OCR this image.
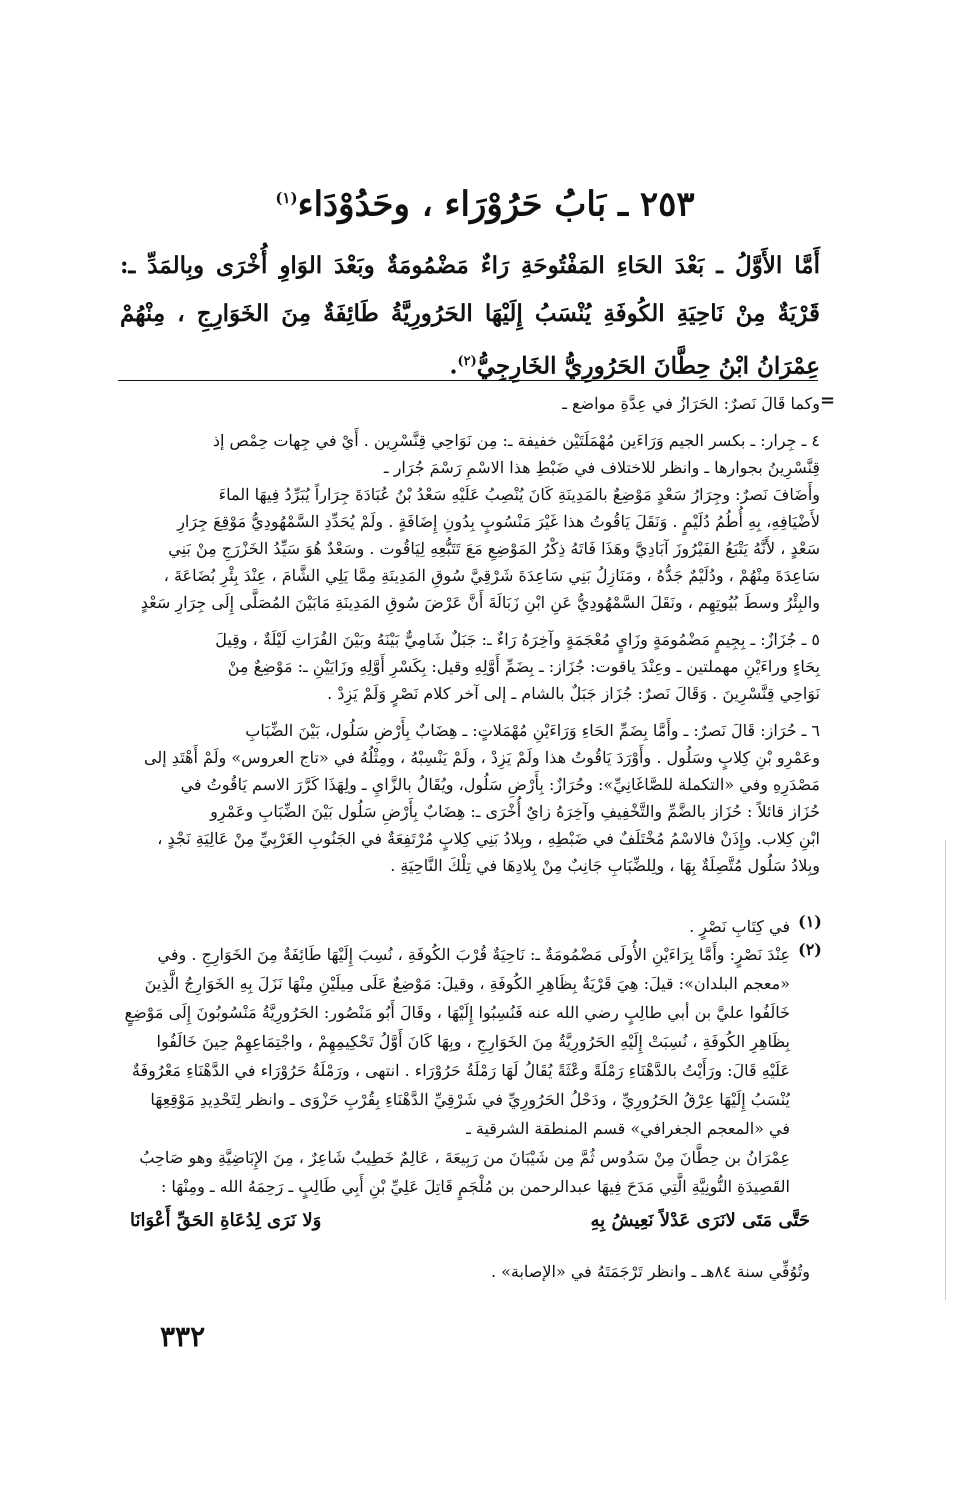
٢٥٣ ـ بَابُ حَرُوْرَاء ، وحَدُوْدَاء$^{(١)}$
أَمَّا الأَوَّلُ ـ بَعْدَ الحَاءِ المَفْتُوحَةِ رَاءٌ مَضْمُومَةٌ وبَعْدَ الوَاوِ أُخْرَى وبِالمَدِّ ـ: قَرْيَةٌ مِنْ نَاحِيَةِ الكُوفَةِ يُنْسَبُ إِلَيْهَا الحَرُورِيَّةُ طَائِفَةٌ مِنَ الخَوَارِجِ ، مِنْهُمْ عِمْرَانُ ابْنُ حِطَّانَ الحَرُورِيُّ الخَارِجِيُّ$^{(٢)}$.
=
وكما قَالَ نَصرٌ: الحَرَازُ في عِدَّةِ مواضع ـ
٤ ـ جِرار: ـ بكسر الجيم وَرَاءَين مُهْمَلَتَيْن خفيفة ـ: مِن نَوَاحِي قِنَّسْرِين . أَيْ في جِهات حِمْص إذ
قِنَّسْرِينُ بجوارها ـ وانظر للاختلاف في ضَبْطِ هذا الاسْمِ رَسْمَ جُرَار ـ
وأَضَافَ نَصرٌ: وجِرَارُ سَعْدٍ مَوْضِعٌ بالمَدِينَةِ كَانَ يُنْصِبُ عَلَيْهِ سَعْدُ بْنُ عُبَادَةَ جِرَاراً يُبَرِّدُ فِيهَا الماءَ
لأَضْيَافِهِ، بِهِ أُطُمُ دُلَيْمٍ . وَنَقَلَ يَاقُوتُ هذا غَيْرَ مَنْسُوبٍ بِدُونِ إِضَافَةٍ . ولَمْ يُحَدِّدِ السَّمْهُودِيُّ مَوْقِعَ جِرَارِ
سَعْدٍ ، لأَنَّهُ يَتْبَعُ الفَيْرُوزَ آبَادِيَّ وهَذَا فَاتَهُ ذِكْرُ المَوْضِعِ مَعَ تَتَبُّعِهِ لِيَاقُوت . وسَعْدٌ هُوَ سَيِّدُ الخَزْرَجِ مِنْ بَنِي
سَاعِدَةَ مِنْهُمْ ، ودُلَيْمٌ جَدُّهُ ، ومَنَازِلُ بَنِي سَاعِدَةَ شَرْقِيَّ سُوقِ المَدِينَةِ مِمَّا يَلِي الشَّامَ ، عِنْدَ بِئْرِ بُضَاعَةَ ،
والبِئْرُ وسطَ بُيُوتِهِم ، ونَقَلَ السَّمْهُودِيُّ عَنِ ابْنِ زَبَالَةَ أَنَّ عَرْضَ سُوقِ المَدِينَةِ مَابَيْنَ المُصَلَّى إِلَى جِرَارِ سَعْدٍ
٥ ـ جُزَازٌ: ـ بِجِيمٍ مَضْمُومَةٍ وزَايٍ مُعْجَمَةٍ وآخِرَهُ رَاءٌ ـ: جَبَلٌ شَامِيٌّ بَيْنَهُ وبَيْنَ الفُرَاتِ لَيْلَةٌ ، وقِيلَ
بِحَاءٍ وراءَيْنِ مهملتين ـ وعِنْدَ ياقوت: جُزَاز: ـ بِضَمِّ أَوَّلِهِ وقيل: بِكَسْرِ أَوَّلِهِ وزَايَيْنِ ـ: مَوْضِعٌ مِنْ
نَوَاحِي قِنَّسْرِينَ . وَقَالَ نَصرٌ: جُزَاز جَبَلٌ بالشام ـ إلى آخر كلام نَصْرٍ وَلَمْ يَزِدْ .
٦ ـ حُرَاز: قَالَ نَصرٌ: ـ وأَمَّا بِضَمِّ الحَاءِ وَرَاءَيْنِ مُهْمَلاتٍ: ـ هِضَابٌ بِأَرْضِ سَلُول، بَيْنَ الضِّبَابِ
وعَمْرِو بْنِ كِلابٍ وسَلُول . وأَوْرَدَ يَاقُوتُ هذا ولَمْ يَزِدْ ، ولَمْ يَنْسِبْهُ ، ومِثْلُهُ في «تاج العروس» ولَمْ أَهْتَدِ إلى
مَصْدَرِهِ وفي «التكملة للصَّاغَانِيِّ»: وحُرَازٌ: بِأَرْضِ سَلُول، ويُقَالُ بالزَّايِ ـ ولِهَذَا كَرَّرَ الاسم يَاقُوتُ في
حُزَاز قائلاً : حُزَاز بالضَّمِّ والتَّخْفِيفِ وآخِرَهُ زايٌ أُخْرَى ـ: هِضَابٌ بِأَرْضِ سَلُول بَيْنَ الضِّبَابِ وعَمْرِو
ابْنِ كِلاب. وإِذَنْ فالاسْمُ مُخْتَلَفٌ في ضَبْطِهِ ، وبِلادُ بَنِي كِلابٍ مُرْتَفِعَةٌ في الجَنُوبِ الغَرْبِيِّ مِنْ عَالِيَةِ نَجْدٍ ،
وبِلادُ سَلُول مُتَّصِلَةٌ بِهَا ، ولِلضِّبَابِ جَانِبٌ مِنْ بِلادِهَا في تِلْكَ النَّاحِيَةِ .
(١)
في كِتَابِ نَصْرٍ .
(٢)
عِنْدَ نَصْرٍ: وأَمَّا بِرَاءَيْنِ الأُولَى مَضْمُومَةٌ ـ: نَاحِيَةٌ قُرْبَ الكُوفَةِ ، نُسِبَ إِلَيْهَا طَائِفَةٌ مِنَ الخَوَارِجِ . وفي
«معجم البلدان»: قيلَ: هِيَ قَرْيَةٌ بِظَاهِرِ الكُوفَةِ ، وقيلَ: مَوْضِعٌ عَلَى مِيلَيْنِ مِنْهَا نَزَلَ بِهِ الخَوَارِجُ الَّذِينَ
خَالَفُوا عليَّ بن أبي طالِبٍ رضي الله عنه فَنُسِبُوا إِلَيْهَا ، وقَالَ أَبُو مَنْصُور: الحَرُورِيَّةُ مَنْسُوبُونَ إِلَى مَوْضِعٍ
بِظَاهِرِ الكُوفَةِ ، نُسِبَتْ إِلَيْهِ الحَرُورِيَّةُ مِنَ الخَوَارِجِ ، وبِهَا كَانَ أَوَّلُ تَحْكِيمِهِمْ ، واجْتِمَاعِهِمْ حِينَ خَالَفُوا
عَلَيْهِ قَالَ: ورَأَيْتُ بالدَّهْنَاءِ رَمْلَةً وعْثَةً يُقَالُ لَهَا رَمْلَةُ حَرُوْرَاء . انتهى ، ورَمْلَةُ حَرُوْرَاء في الدَّهْنَاءِ مَعْرُوفَةٌ
يُنْسَبُ إِلَيْهَا عِرْقُ الحَرُورِيِّ ، ودَحْلُ الحَرُورِيِّ في شَرْقِيِّ الدَّهْنَاءِ بِقُرْبِ حَزْوَى ـ وانظر لِتَحْدِيدِ مَوْقِعِهَا
في «المعجم الجغرافي» قسم المنطقة الشرقية ـ
عِمْرَانُ بن حِطَّانَ مِنْ سَدُوس ثُمَّ مِن شَيْبَانَ من رَبِيعَةَ ، عَالِمٌ خَطِيبٌ شَاعِرٌ ، مِنَ الإِبَاضِيَّةِ وهو صَاحِبُ
القَصِيدَةِ النُّونِيَّةِ الَّتِي مَدَحَ فِيهَا عبدالرحمن بن مُلْجَمٍ قَاتِلَ عَلِيِّ بْنِ أَبِي طَالِبٍ ـ رَحِمَهُ الله ـ ومِنْهَا :
حَتَّى مَتَى لانَرَى عَدْلاً نَعِيشُ بِهِ
وَلا نَرَى لِدُعَاةِ الحَقِّ أَعْوَانَا
وتُوُفِّي سنة ٨٤هـ ـ وانظر تَرْجَمَتَهُ في «الإصابة» .
٣٣٢
